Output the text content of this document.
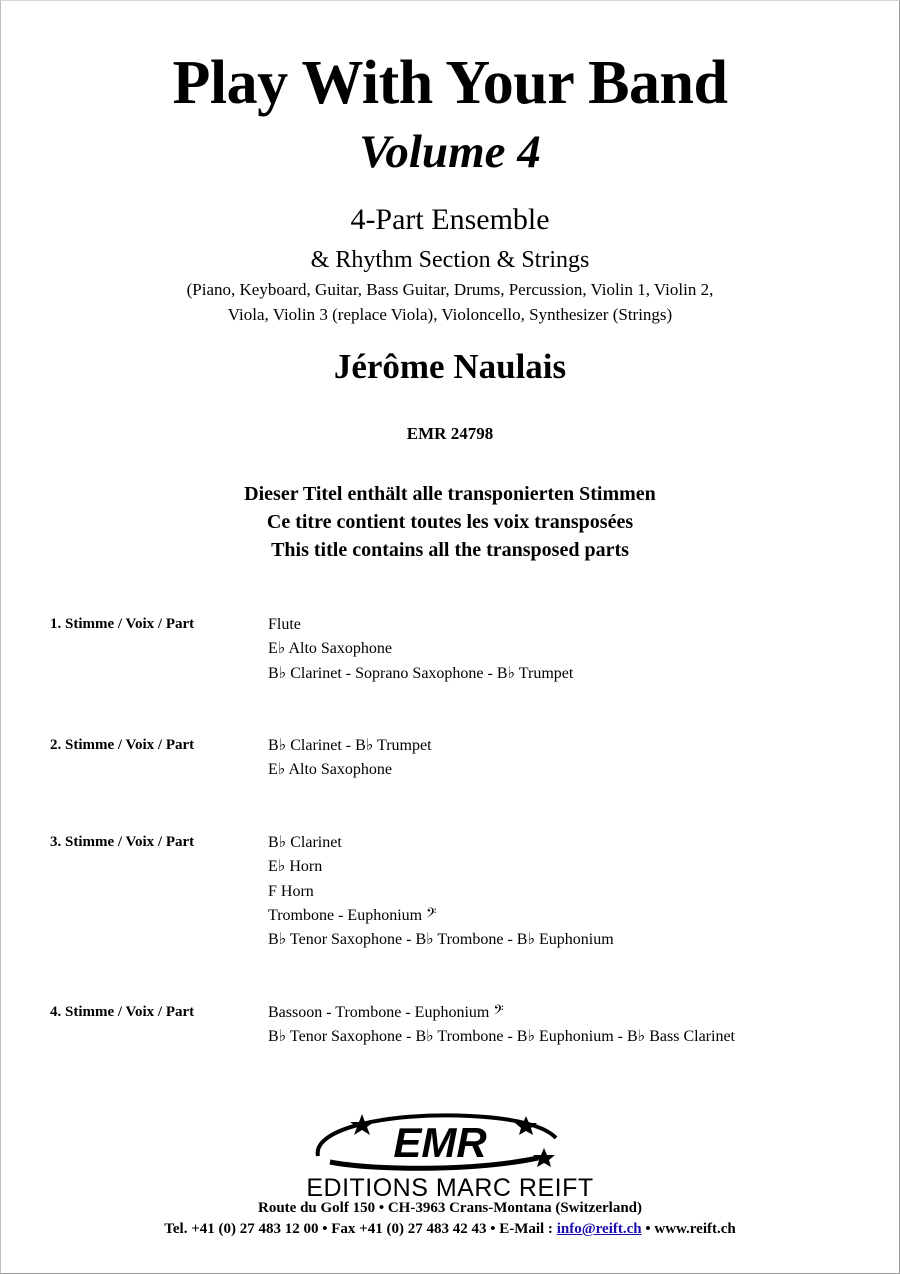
Play With Your Band
Volume 4
4-Part Ensemble
& Rhythm Section & Strings
(Piano, Keyboard, Guitar, Bass Guitar, Drums, Percussion, Violin 1, Violin 2,
Viola, Violin 3 (replace Viola), Violoncello, Synthesizer (Strings)
Jérôme Naulais
EMR 24798
Dieser Titel enthält alle transponierten Stimmen
Ce titre contient toutes les voix transposées
This title contains all the transposed parts
1. Stimme / Voix / Part	Flute
E♭ Alto Saxophone
B♭ Clarinet - Soprano Saxophone - B♭ Trumpet
2. Stimme / Voix / Part	B♭ Clarinet - B♭ Trumpet
E♭ Alto Saxophone
3. Stimme / Voix / Part	B♭ Clarinet
E♭ Horn
F Horn
Trombone - Euphonium 𝄢
B♭ Tenor Saxophone - B♭ Trombone - B♭ Euphonium
4. Stimme / Voix / Part	Bassoon - Trombone - Euphonium 𝄢
B♭ Tenor Saxophone - B♭ Trombone - B♭ Euphonium - B♭ Bass Clarinet
EMR
EDITIONS MARC REIFT
Route du Golf 150 • CH-3963 Crans-Montana (Switzerland)
Tel. +41 (0) 27 483 12 00 • Fax +41 (0) 27 483 42 43 • E-Mail : info@reift.ch • www.reift.ch
